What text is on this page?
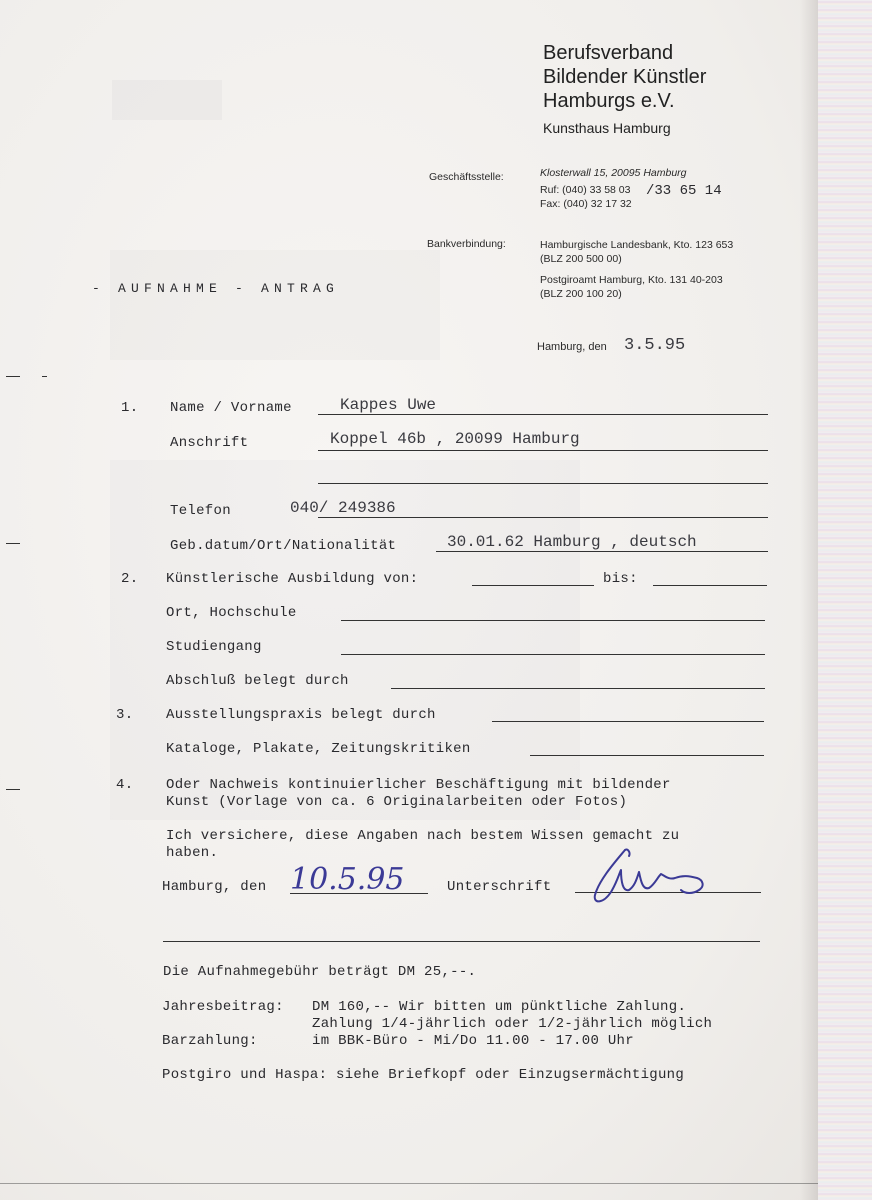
Berufsverband
Bildender Künstler
Hamburgs e.V.
Kunsthaus Hamburg
Geschäftsstelle:	Klosterwall 15, 20095 Hamburg
Ruf: (040) 33 58 03 /33 65 14
Fax: (040) 32 17 32
Bankverbindung:	Hamburgische Landesbank, Kto. 123 653
(BLZ 200 500 00)
Postgiroamt Hamburg, Kto. 131 40-203
(BLZ 200 100 20)
- AUFNAHME - ANTRAG
Hamburg, den 3.5.95
1. Name / Vorname	Kappes Uwe
Anschrift	Koppel 46b , 20099 Hamburg
Telefon	040/ 249386
Geb.datum/Ort/Nationalität	30.01.62 Hamburg , deutsch
2. Künstlerische Ausbildung von:	bis:
Ort, Hochschule
Studiengang
Abschluß belegt durch
3. Ausstellungspraxis belegt durch
Kataloge, Plakate, Zeitungskritiken
4. Oder Nachweis kontinuierlicher Beschäftigung mit bildender
Kunst (Vorlage von ca. 6 Originalarbeiten oder Fotos)
Ich versichere, diese Angaben nach bestem Wissen gemacht zu
haben.
Hamburg, den 10.5.95	Unterschrift
Die Aufnahmegebühr beträgt DM 25,--.
Jahresbeitrag: DM 160,-- Wir bitten um pünktliche Zahlung.
Zahlung 1/4-jährlich oder 1/2-jährlich möglich
Barzahlung:	im BBK-Büro - Mi/Do 11.00 - 17.00 Uhr
Postgiro und Haspa: siehe Briefkopf oder Einzugsermächtigung
